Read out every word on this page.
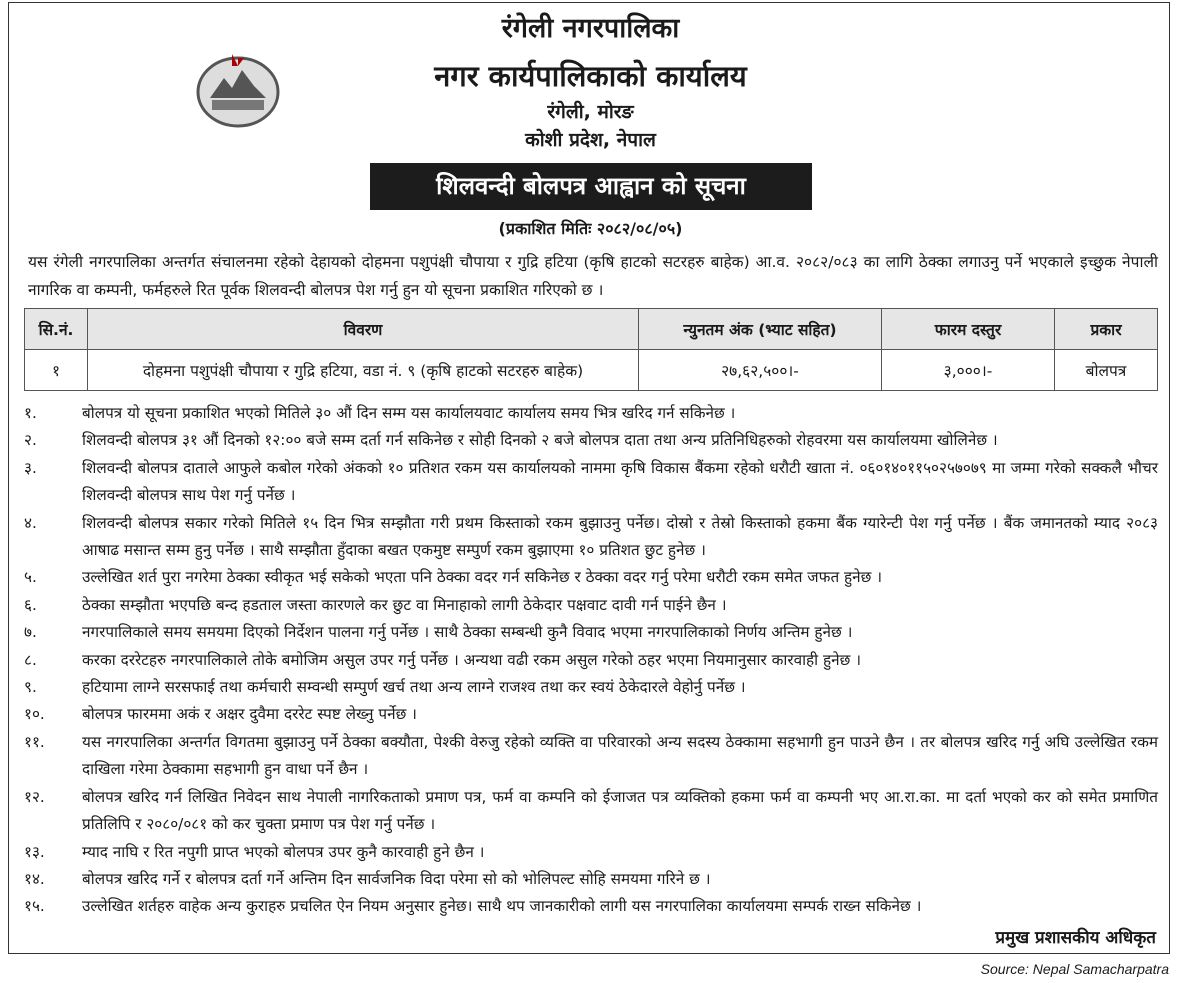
रंगेली नगरपालिका
नगर कार्यपालिकाको कार्यालय
रंगेली, मोरङ
कोशी प्रदेश, नेपाल
शिलवन्दी बोलपत्र आह्वान को सूचना
(प्रकाशित मितिः २०८२/०८/०५)
यस रंगेली नगरपालिका अन्तर्गत संचालनमा रहेको देहायको दोहमना पशुपंक्षी चौपाया र गुद्रि हटिया (कृषि हाटको सटरहरु बाहेक) आ.व. २०८२/०८३ का लागि ठेक्का लगाउनु पर्ने भएकाले इच्छुक नेपाली नागरिक वा कम्पनी, फर्महरुले रित पूर्वक शिलवन्दी बोलपत्र पेश गर्नु हुन यो सूचना प्रकाशित गरिएको छ ।
सि.नं.	विवरण	न्युनतम अंक (भ्याट सहित)	फारम दस्तुर	प्रकार
१	दोहमना पशुपंक्षी चौपाया र गुद्रि हटिया, वडा नं. ९ (कृषि हाटको सटरहरु बाहेक)	२७,६२,५००।-	३,०००।-	बोलपत्र
१.	बोलपत्र यो सूचना प्रकाशित भएको मितिले ३० औं दिन सम्म यस कार्यालयवाट कार्यालय समय भित्र खरिद गर्न सकिनेछ ।
२.	शिलवन्दी बोलपत्र ३१ औं दिनको १२:०० बजे सम्म दर्ता गर्न सकिनेछ र सोही दिनको २ बजे बोलपत्र दाता तथा अन्य प्रतिनिधिहरुको रोहवरमा यस कार्यालयमा खोलिनेछ ।
३.	शिलवन्दी बोलपत्र दाताले आफुले कबोल गरेको अंकको १० प्रतिशत रकम यस कार्यालयको नाममा कृषि विकास बैंकमा रहेको धरौटी खाता नं. ०६०१४०११५०२५७०७९ मा जम्मा गरेको सक्कलै भौचर शिलवन्दी बोलपत्र साथ पेश गर्नु पर्नेछ ।
४.	शिलवन्दी बोलपत्र सकार गरेको मितिले १५ दिन भित्र सम्झौता गरी प्रथम किस्ताको रकम बुझाउनु पर्नेछ। दोस्रो र तेस्रो किस्ताको हकमा बैंक ग्यारेन्टी पेश गर्नु पर्नेछ । बैंक जमानतको म्याद २०८३ आषाढ मसान्त सम्म हुनु पर्नेछ । साथै सम्झौता हुँदाका बखत एकमुष्ट सम्पुर्ण रकम बुझाएमा १० प्रतिशत छुट हुनेछ ।
५.	उल्लेखित शर्त पुरा नगरेमा ठेक्का स्वीकृत भई सकेको भएता पनि ठेक्का वदर गर्न सकिनेछ र ठेक्का वदर गर्नु परेमा धरौटी रकम समेत जफत हुनेछ ।
६.	ठेक्का सम्झौता भएपछि बन्द हडताल जस्ता कारणले कर छुट वा मिनाहाको लागी ठेकेदार पक्षवाट दावी गर्न पाईने छैन ।
७.	नगरपालिकाले समय समयमा दिएको निर्देशन पालना गर्नु पर्नेछ । साथै ठेक्का सम्बन्धी कुनै विवाद भएमा नगरपालिकाको निर्णय अन्तिम हुनेछ ।
८.	करका दररेटहरु नगरपालिकाले तोके बमोजिम असुल उपर गर्नु पर्नेछ । अन्यथा वढी रकम असुल गरेको ठहर भएमा नियमानुसार कारवाही हुनेछ ।
९.	हटियामा लाग्ने सरसफाई तथा कर्मचारी सम्वन्धी सम्पुर्ण खर्च तथा अन्य लाग्ने राजश्व तथा कर स्वयं ठेकेदारले वेहोर्नु पर्नेछ ।
१०.	बोलपत्र फारममा अकं र अक्षर दुवैमा दररेट स्पष्ट लेख्नु पर्नेछ ।
११.	यस नगरपालिका अन्तर्गत विगतमा बुझाउनु पर्ने ठेक्का बक्यौता, पेश्की वेरुजु रहेको व्यक्ति वा परिवारको अन्य सदस्य ठेक्कामा सहभागी हुन पाउने छैन । तर बोलपत्र खरिद गर्नु अघि उल्लेखित रकम दाखिला गरेमा ठेक्कामा सहभागी हुन वाधा पर्ने छैन ।
१२.	बोलपत्र खरिद गर्न लिखित निवेदन साथ नेपाली नागरिकताको प्रमाण पत्र, फर्म वा कम्पनि को ईजाजत पत्र व्यक्तिको हकमा फर्म वा कम्पनी भए आ.रा.का. मा दर्ता भएको कर को समेत प्रमाणित प्रतिलिपि र २०८०/०८१ को कर चुक्ता प्रमाण पत्र पेश गर्नु पर्नेछ ।
१३.	म्याद नाघि र रित नपुगी प्राप्त भएको बोलपत्र उपर कुनै कारवाही हुने छैन ।
१४.	बोलपत्र खरिद गर्ने र बोलपत्र दर्ता गर्ने अन्तिम दिन सार्वजनिक विदा परेमा सो को भोलिपल्ट सोहि समयमा गरिने छ ।
१५.	उल्लेखित शर्तहरु वाहेक अन्य कुराहरु प्रचलित ऐन नियम अनुसार हुनेछ। साथै थप जानकारीको लागी यस नगरपालिका कार्यालयमा सम्पर्क राख्न सकिनेछ ।
प्रमुख प्रशासकीय अधिकृत
Source: Nepal Samacharpatra
